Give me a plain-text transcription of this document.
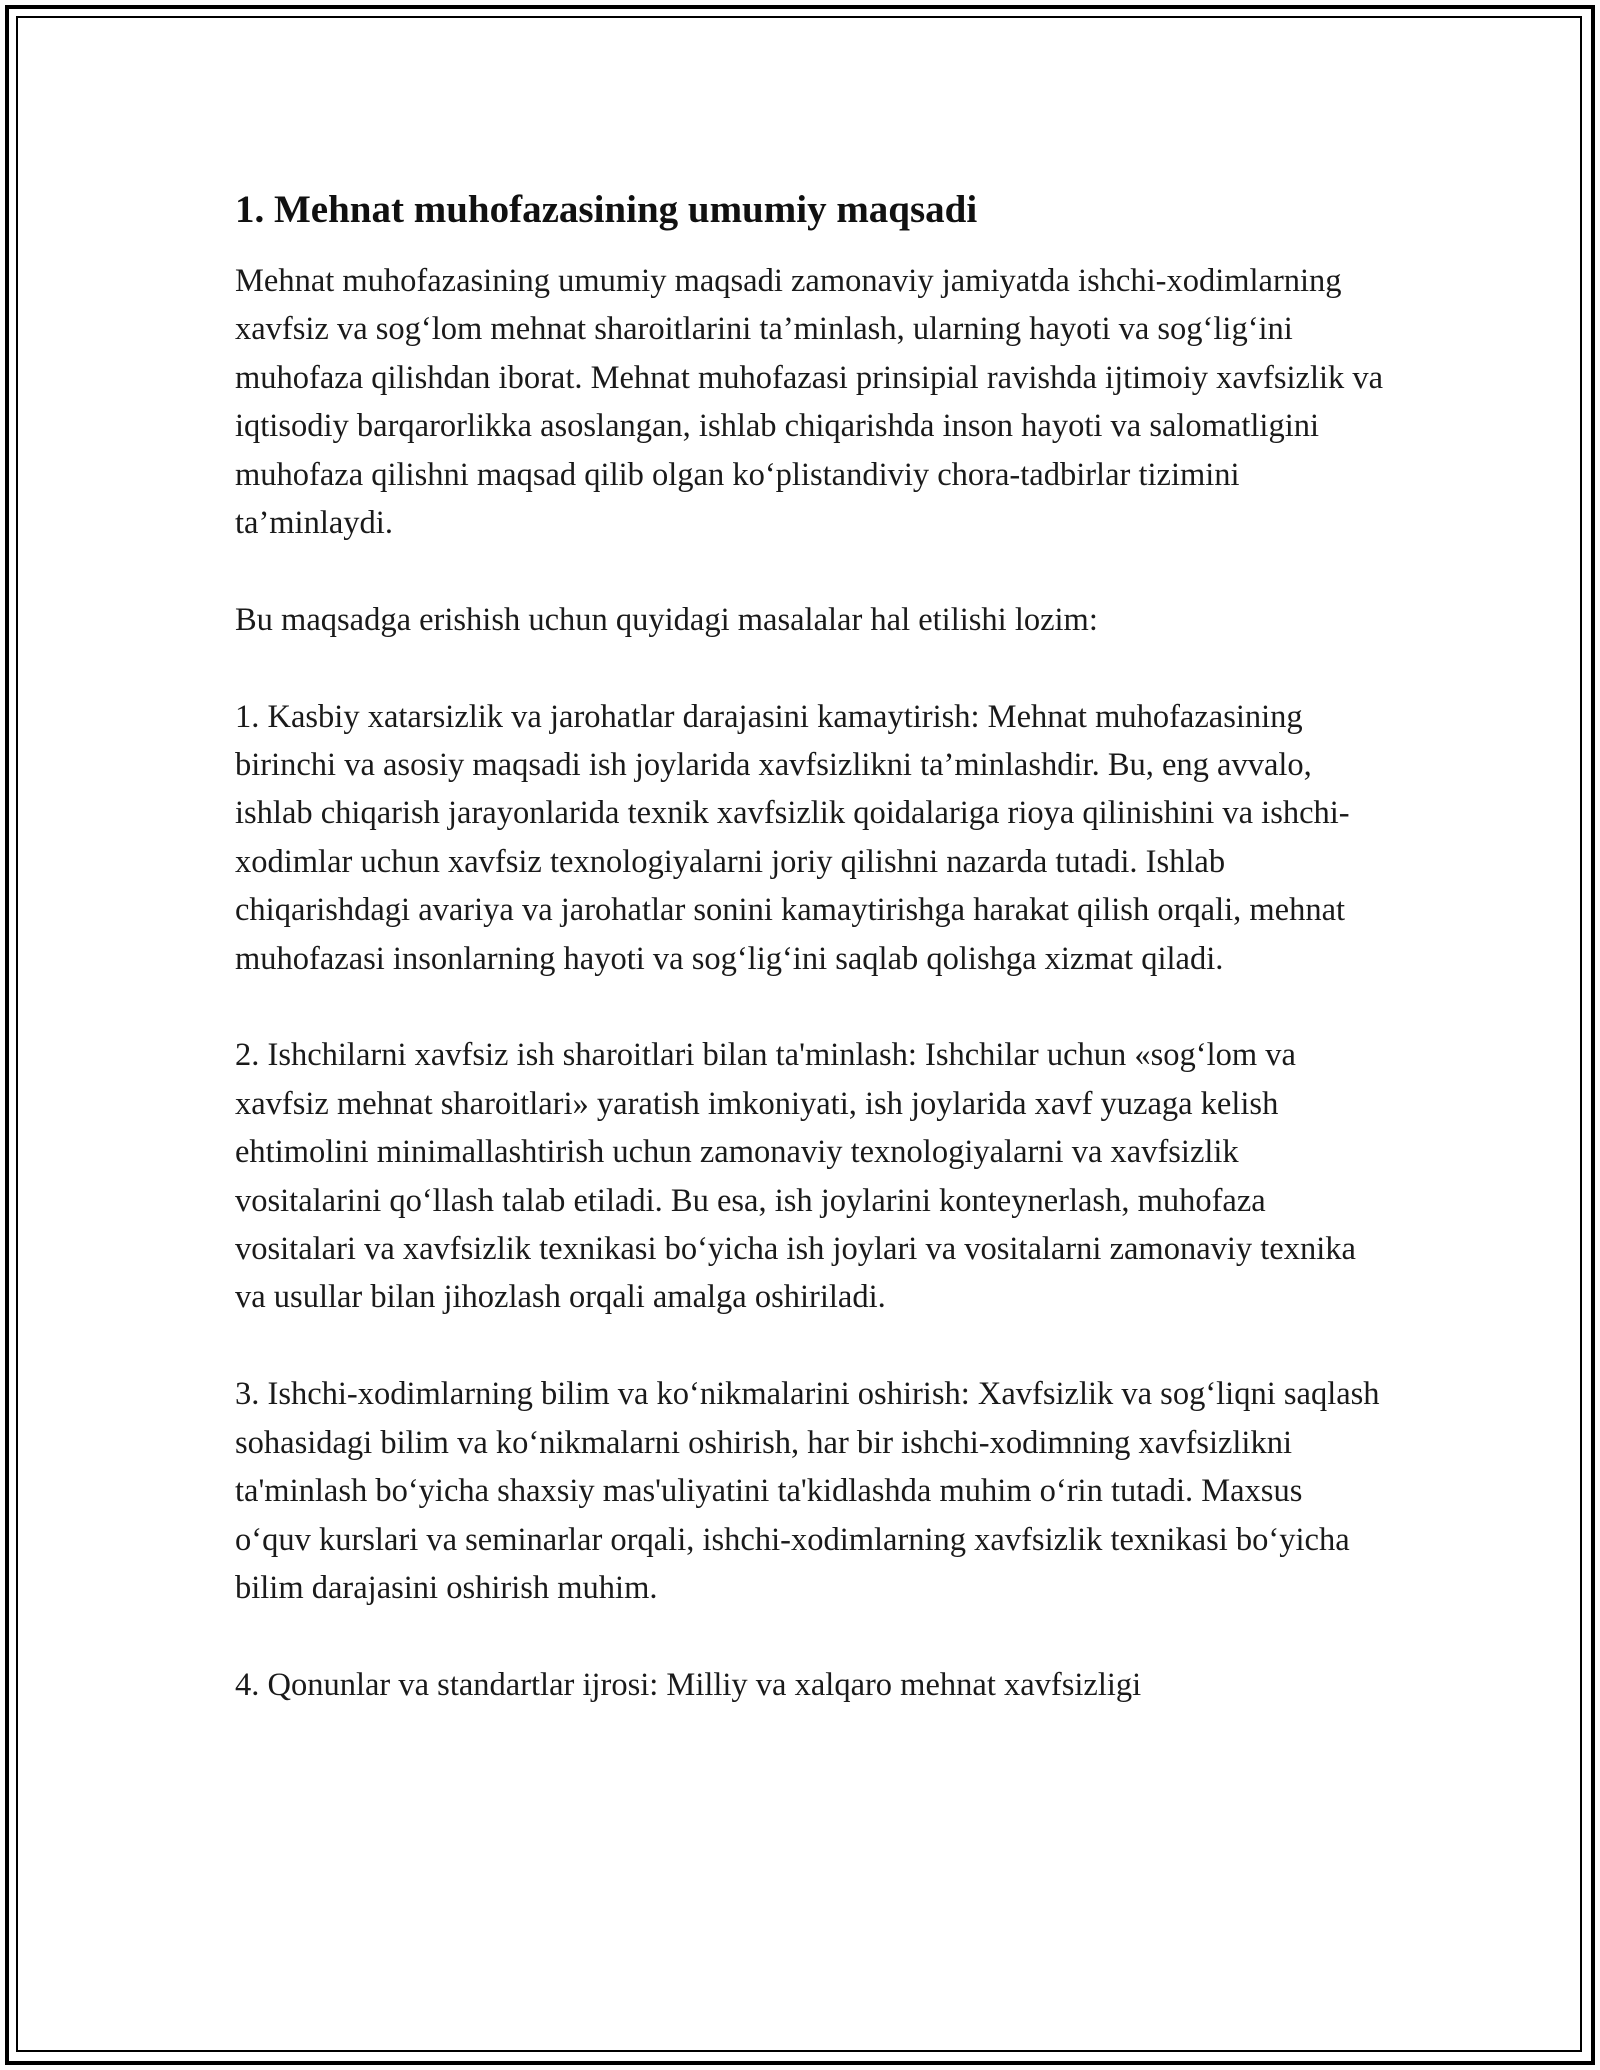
1. Mehnat muhofazasining umumiy maqsadi

Mehnat muhofazasining umumiy maqsadi zamonaviy jamiyatda ishchi-xodimlarning xavfsiz va sog‘lom mehnat sharoitlarini ta’minlash, ularning hayoti va sog‘lig‘ini muhofaza qilishdan iborat. Mehnat muhofazasi prinsipial ravishda ijtimoiy xavfsizlik va iqtisodiy barqarorlikka asoslangan, ishlab chiqarishda inson hayoti va salomatligini muhofaza qilishni maqsad qilib olgan ko‘plistandiviy chora-tadbirlar tizimini ta’minlaydi.

Bu maqsadga erishish uchun quyidagi masalalar hal etilishi lozim:

1. Kasbiy xatarsizlik va jarohatlar darajasini kamaytirish: Mehnat muhofazasining birinchi va asosiy maqsadi ish joylarida xavfsizlikni ta’minlashdir. Bu, eng avvalo, ishlab chiqarish jarayonlarida texnik xavfsizlik qoidalariga rioya qilinishini va ishchi-xodimlar uchun xavfsiz texnologiyalarni joriy qilishni nazarda tutadi. Ishlab chiqarishdagi avariya va jarohatlar sonini kamaytirishga harakat qilish orqali, mehnat muhofazasi insonlarning hayoti va sog‘lig‘ini saqlab qolishga xizmat qiladi.

2. Ishchilarni xavfsiz ish sharoitlari bilan ta'minlash: Ishchilar uchun «sog‘lom va xavfsiz mehnat sharoitlari» yaratish imkoniyati, ish joylarida xavf yuzaga kelish ehtimolini minimallashtirish uchun zamonaviy texnologiyalarni va xavfsizlik vositalarini qo‘llash talab etiladi. Bu esa, ish joylarini konteynerlash, muhofaza vositalari va xavfsizlik texnikasi bo‘yicha ish joylari va vositalarni zamonaviy texnika va usullar bilan jihozlash orqali amalga oshiriladi.

3. Ishchi-xodimlarning bilim va ko‘nikmalarini oshirish: Xavfsizlik va sog‘liqni saqlash sohasidagi bilim va ko‘nikmalarni oshirish, har bir ishchi-xodimning xavfsizlikni ta'minlash bo‘yicha shaxsiy mas'uliyatini ta'kidlashda muhim o‘rin tutadi. Maxsus o‘quv kurslari va seminarlar orqali, ishchi-xodimlarning xavfsizlik texnikasi bo‘yicha bilim darajasini oshirish muhim.

4. Qonunlar va standartlar ijrosi: Milliy va xalqaro mehnat xavfsizligi
